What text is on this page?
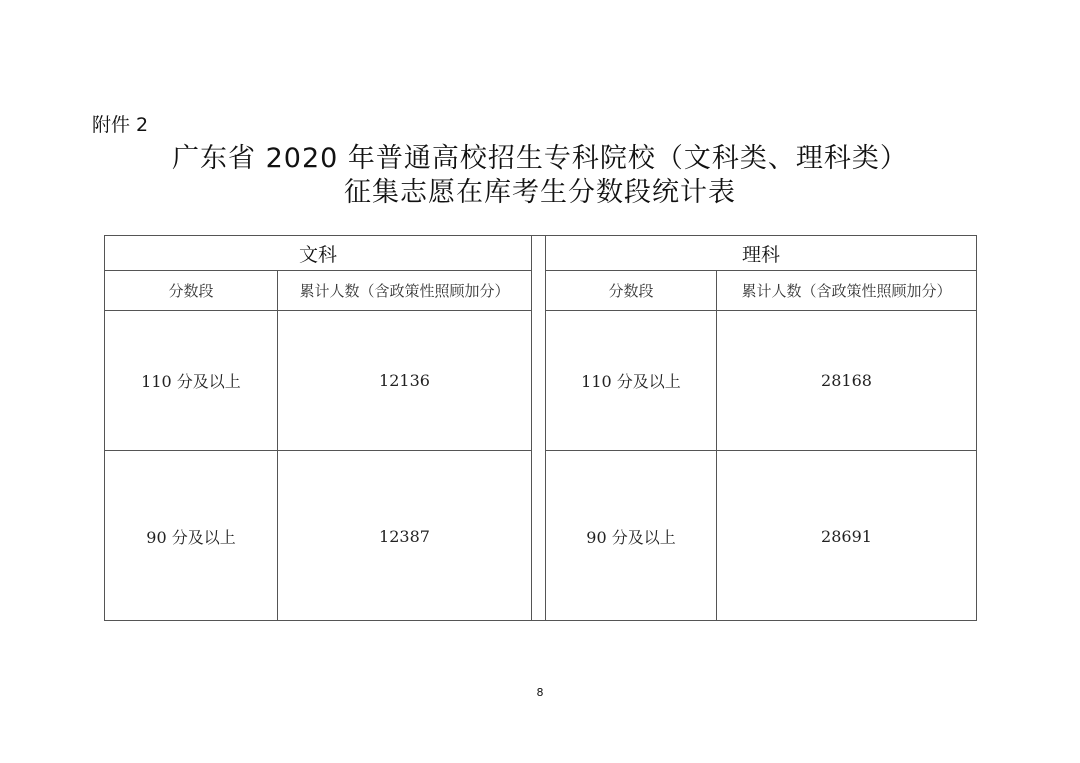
附件 2
广东省 2020 年普通高校招生专科院校（文科类、理科类）
征集志愿在库考生分数段统计表
文科
分数段	累计人数（含政策性照顾加分）
110 分及以上	12136
90 分及以上	12387
理科
分数段	累计人数（含政策性照顾加分）
110 分及以上	28168
90 分及以上	28691
8
